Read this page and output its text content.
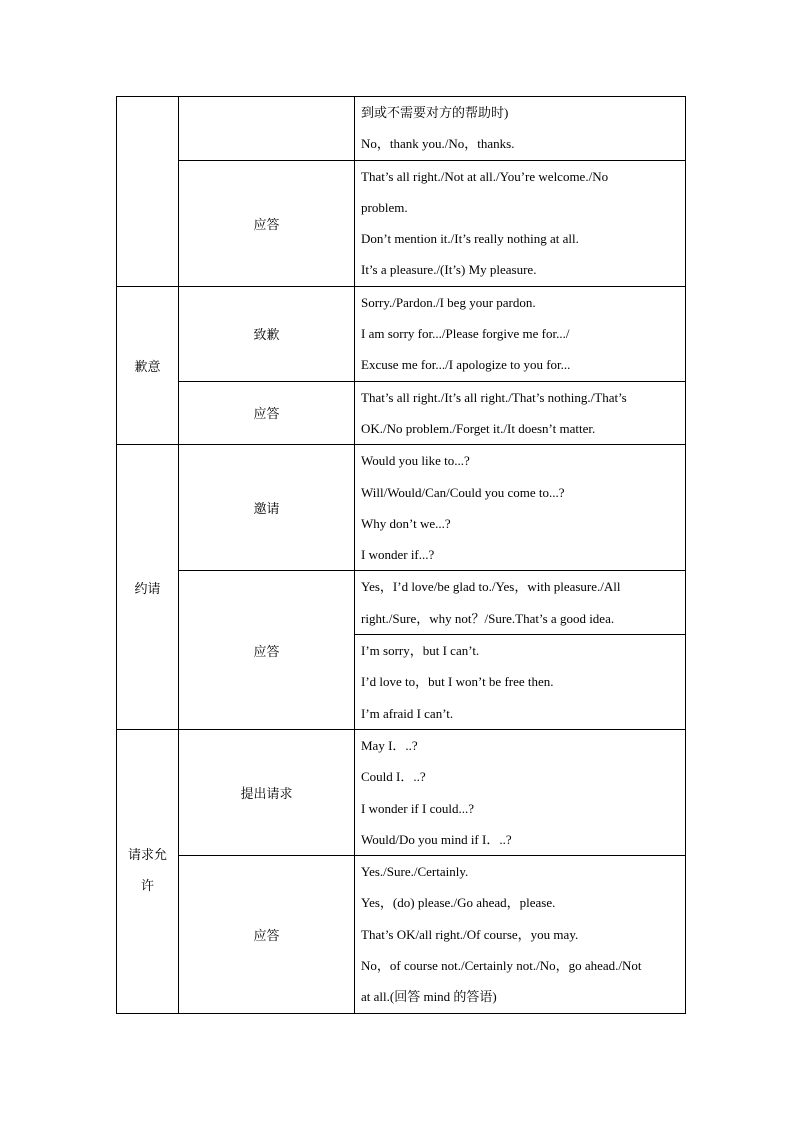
		到或不需要对方的帮助时)
No，thank you./No，thanks.

	应答	That’s all right./Not at all./You’re welcome./No
problem.
Don’t mention it./It’s really nothing at all.
It’s a pleasure./(It’s) My pleasure.

歉意	致歉	Sorry./Pardon./I beg your pardon.
I am sorry for.../Please forgive me for.../
Excuse me for.../I apologize to you for...

	应答	That’s all right./It’s all right./That’s nothing./That’s
OK./No problem./Forget it./It doesn’t matter.

约请	邀请	Would you like to...?
Will/Would/Can/Could you come to...?
Why don’t we...?
I wonder if...?

	应答	Yes，I’d love/be glad to./Yes，with pleasure./All
right./Sure，why not？/Sure.That’s a good idea.

		I’m sorry，but I can’t.
I’d love to，but I won’t be free then.
I’m afraid I can’t.

请求允
许	提出请求	May I．..?
Could I．..?
I wonder if I could...?
Would/Do you mind if I．..?

	应答	Yes./Sure./Certainly.
Yes，(do) please./Go ahead，please.
That’s OK/all right./Of course，you may.
No，of course not./Certainly not./No，go ahead./Not
at all.(回答 mind 的答语)
